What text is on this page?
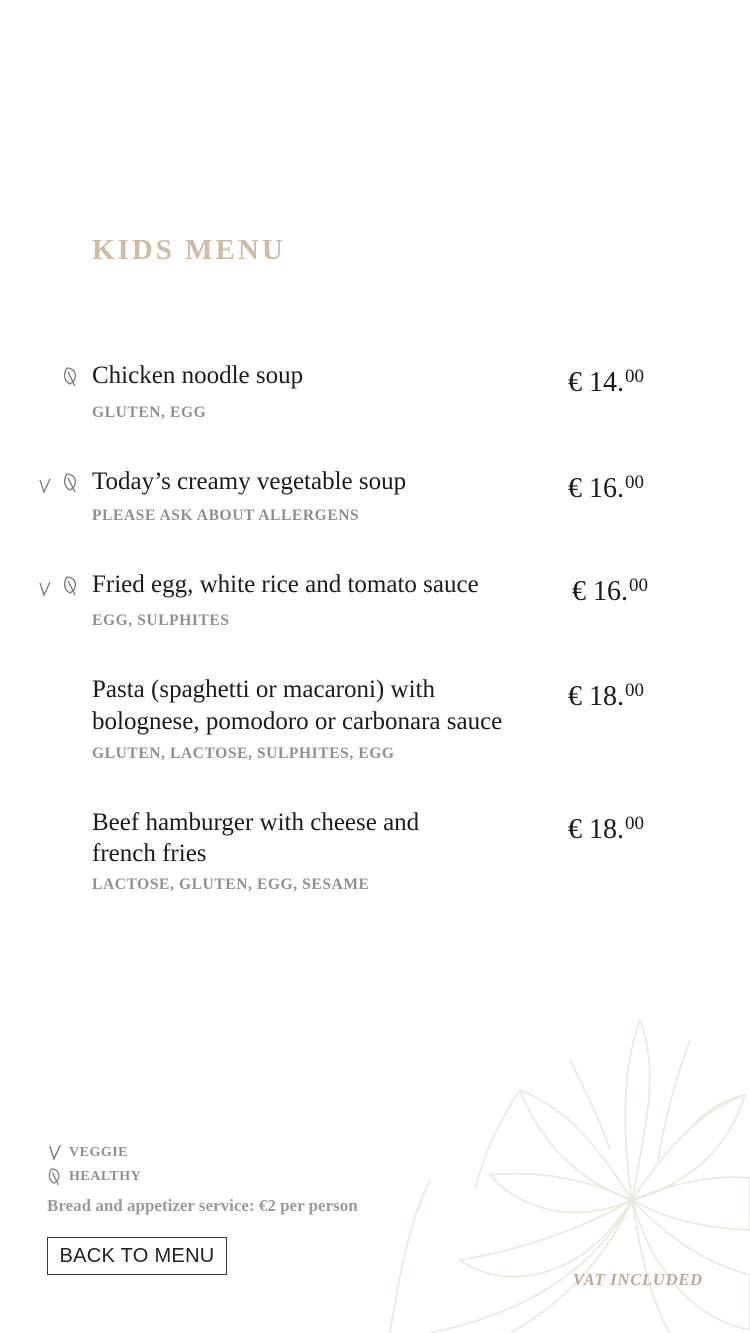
KIDS MENU
Chicken noodle soup

GLUTEN, EGG

€ 14.00

Today’s creamy vegetable soup

PLEASE ASK ABOUT ALLERGENS

€ 16.00

Fried egg, white rice and tomato sauce

EGG, SULPHITES

€ 16.00

Pasta (spaghetti or macaroni) with
bolognese, pomodoro or carbonara sauce

GLUTEN, LACTOSE, SULPHITES, EGG

€ 18.00

Beef hamburger with cheese and
french fries

LACTOSE, GLUTEN, EGG, SESAME

€ 18.00

VEGGIE
HEALTHY

Bread and appetizer service: €2 per person

BACK TO MENU

VAT INCLUDED
